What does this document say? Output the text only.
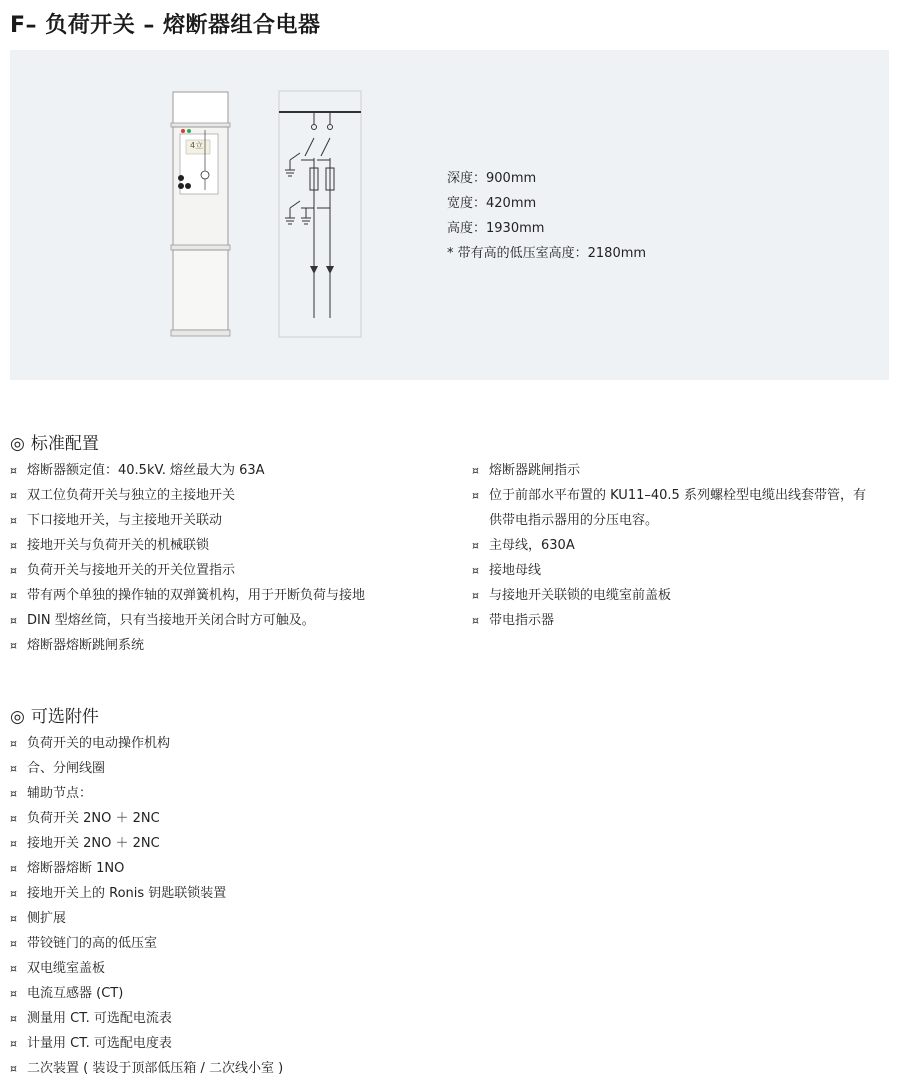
F– 负荷开关 – 熔断器组合电器
4立
深度：900mm
宽度：420mm
高度：1930mm
* 带有高的低压室高度：2180mm
◎ 标准配置
¤ 熔断器额定值：40.5kV. 熔丝最大为 63A
¤ 双工位负荷开关与独立的主接地开关
¤ 下口接地开关，与主接地开关联动
¤ 接地开关与负荷开关的机械联锁
¤ 负荷开关与接地开关的开关位置指示
¤ 带有两个单独的操作轴的双弹簧机构，用于开断负荷与接地
¤ DIN 型熔丝筒，只有当接地开关闭合时方可触及。
¤ 熔断器熔断跳闸系统
¤ 熔断器跳闸指示
¤ 位于前部水平布置的 KU11–40.5 系列螺栓型电缆出线套带管，有
供带电指示器用的分压电容。
¤ 主母线，630A
¤ 接地母线
¤ 与接地开关联锁的电缆室前盖板
¤ 带电指示器
◎ 可选附件
¤ 负荷开关的电动操作机构
¤ 合、分闸线圈
¤ 辅助节点：
¤ 负荷开关 2NO ＋ 2NC
¤ 接地开关 2NO ＋ 2NC
¤ 熔断器熔断 1NO
¤ 接地开关上的 Ronis 钥匙联锁装置
¤ 侧扩展
¤ 带铰链门的高的低压室
¤ 双电缆室盖板
¤ 电流互感器 (CT)
¤ 测量用 CT. 可选配电流表
¤ 计量用 CT. 可选配电度表
¤ 二次装置 ( 装设于顶部低压箱 / 二次线小室 )
